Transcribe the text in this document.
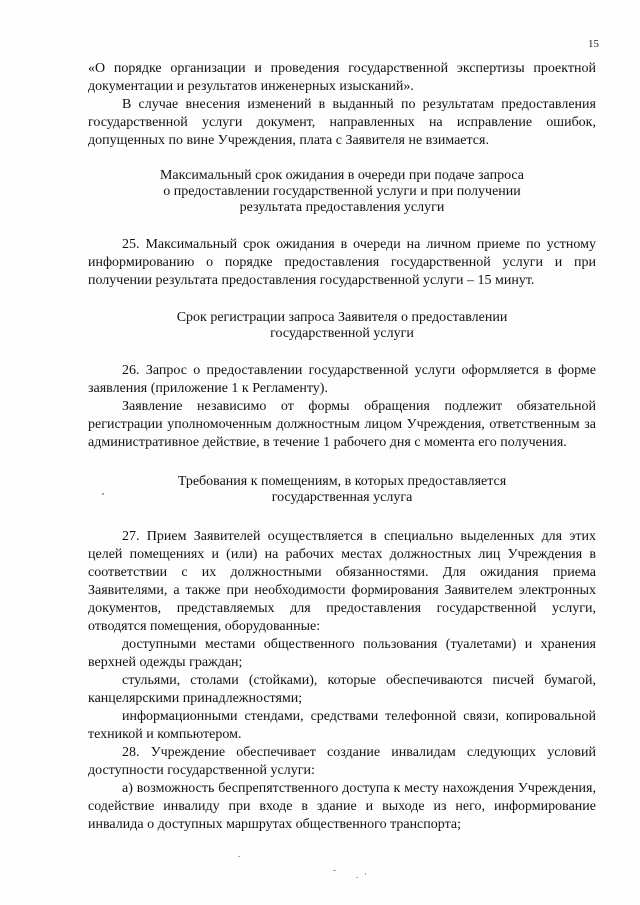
15

«О порядке организации и проведения государственной экспертизы проектной документации и результатов инженерных изысканий».

В случае внесения изменений в выданный по результатам предоставления государственной услуги документ, направленных на исправление ошибок, допущенных по вине Учреждения, плата с Заявителя не взимается.

Максимальный срок ожидания в очереди при подаче запроса
о предоставлении государственной услуги и при получении
результата предоставления услуги

25. Максимальный срок ожидания в очереди на личном приеме по устному информированию о порядке предоставления государственной услуги и при получении результата предоставления государственной услуги – 15 минут.

Срок регистрации запроса Заявителя о предоставлении
государственной услуги

26. Запрос о предоставлении государственной услуги оформляется в форме заявления (приложение 1 к Регламенту).

Заявление независимо от формы обращения подлежит обязательной регистрации уполномоченным должностным лицом Учреждения, ответственным за административное действие, в течение 1 рабочего дня с момента его получения.

Требования к помещениям, в которых предоставляется
государственная услуга

27. Прием Заявителей осуществляется в специально выделенных для этих целей помещениях и (или) на рабочих местах должностных лиц Учреждения в соответствии с их должностными обязанностями. Для ожидания приема Заявителями, а также при необходимости формирования Заявителем электронных документов, представляемых для предоставления государственной услуги, отводятся помещения, оборудованные:

доступными местами общественного пользования (туалетами) и хранения верхней одежды граждан;

стульями, столами (стойками), которые обеспечиваются писчей бумагой, канцелярскими принадлежностями;

информационными стендами, средствами телефонной связи, копировальной техникой и компьютером.

28. Учреждение обеспечивает создание инвалидам следующих условий доступности государственной услуги:

а) возможность беспрепятственного доступа к месту нахождения Учреждения, содействие инвалиду при входе в здание и выходе из него, информирование инвалида о доступных маршрутах общественного транспорта;
